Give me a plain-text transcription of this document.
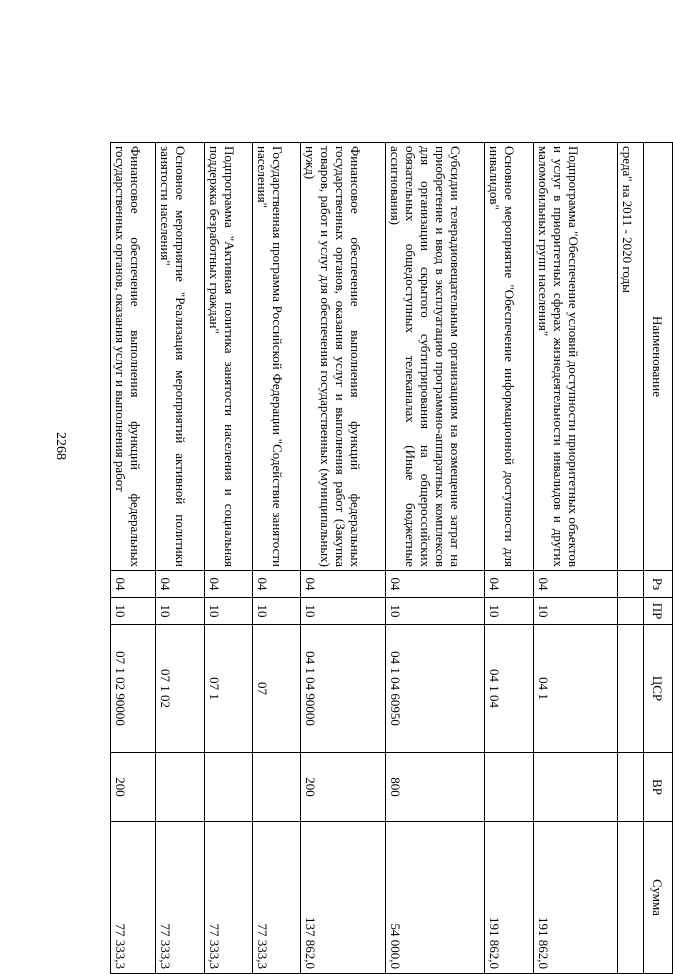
2268
Наименование	Рз	ПР	ЦСР	ВР	Сумма
среда" на 2011 - 2020 годы					
Подпрограмма "Обеспечение условий доступности приоритетных объектов и услуг в приоритетных сферах жизнедеятельности инвалидов и других маломобильных групп населения"	04	10	04 1		191 862,0
Основное мероприятие "Обеспечение информационной доступности для инвалидов"	04	10	04 1 04		191 862,0
Субсидии телерадиовещательным организациям на возмещение затрат на приобретение и ввод в эксплуатацию программно-аппаратных комплексов для организации скрытого субтитрирования на общероссийских обязательных общедоступных телеканалах (Иные бюджетные ассигнования)	04	10	04 1 04 60950	800	54 000,0
Финансовое обеспечение выполнения функций федеральных государственных органов, оказания услуг и выполнения работ (Закупка товаров, работ и услуг для обеспечения государственных (муниципальных) нужд)	04	10	04 1 04 90000	200	137 862,0
Государственная программа Российской Федерации "Содействие занятости населения"	04	10	07		77 333,3
Подпрограмма "Активная политика занятости населения и социальная поддержка безработных граждан"	04	10	07 1		77 333,3
Основное мероприятие "Реализация мероприятий активной политики занятости населения"	04	10	07 1 02		77 333,3
Финансовое обеспечение выполнения функций федеральных государственных органов, оказания услуг и выполнения работ	04	10	07 1 02 90000	200	77 333,3
